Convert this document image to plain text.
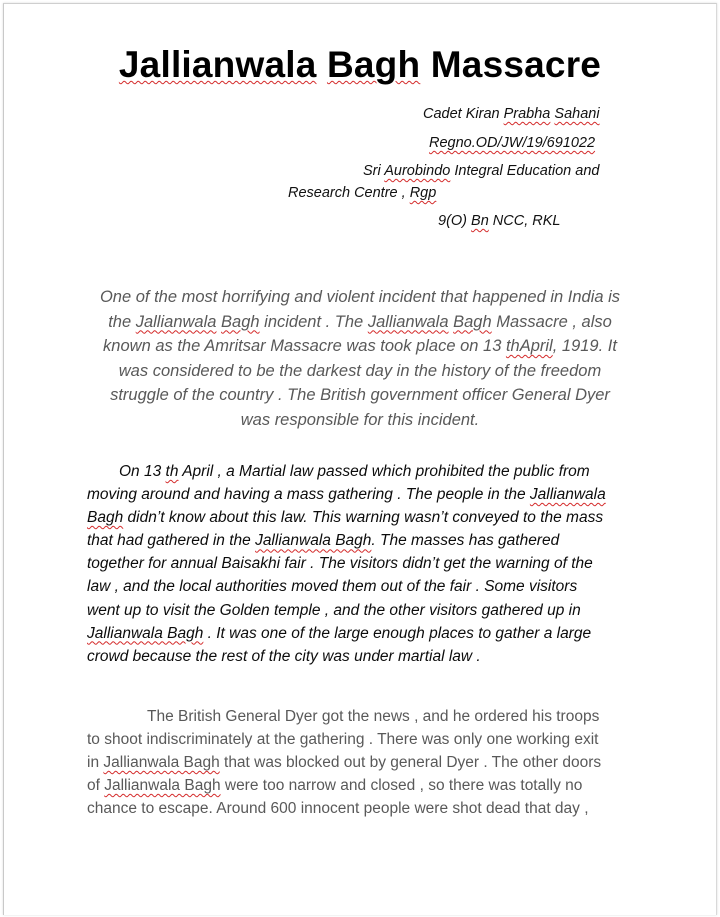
Jallianwala Bagh Massacre
Cadet Kiran Prabha Sahani
Regno.OD/JW/19/691022
Sri Aurobindo Integral Education and
Research Centre , Rgp
9(O) Bn NCC, RKL
One of the most horrifying and violent incident that happened in India is
the Jallianwala Bagh incident . The Jallianwala Bagh Massacre , also
known as the Amritsar Massacre was took place on 13 thApril, 1919. It
was considered to be the darkest day in the history of the freedom
struggle of the country . The British government officer General Dyer
was responsible for this incident.
On 13 th April , a Martial law passed which prohibited the public from
moving around and having a mass gathering . The people in the Jallianwala
Bagh didn’t know about this law. This warning wasn’t conveyed to the mass
that had gathered in the Jallianwala Bagh. The masses has gathered
together for annual Baisakhi fair . The visitors didn’t get the warning of the
law , and the local authorities moved them out of the fair . Some visitors
went up to visit the Golden temple , and the other visitors gathered up in
Jallianwala Bagh . It was one of the large enough places to gather a large
crowd because the rest of the city was under martial law .
The British General Dyer got the news , and he ordered his troops
to shoot indiscriminately at the gathering . There was only one working exit
in Jallianwala Bagh that was blocked out by general Dyer . The other doors
of Jallianwala Bagh were too narrow and closed , so there was totally no
chance to escape. Around 600 innocent people were shot dead that day ,
